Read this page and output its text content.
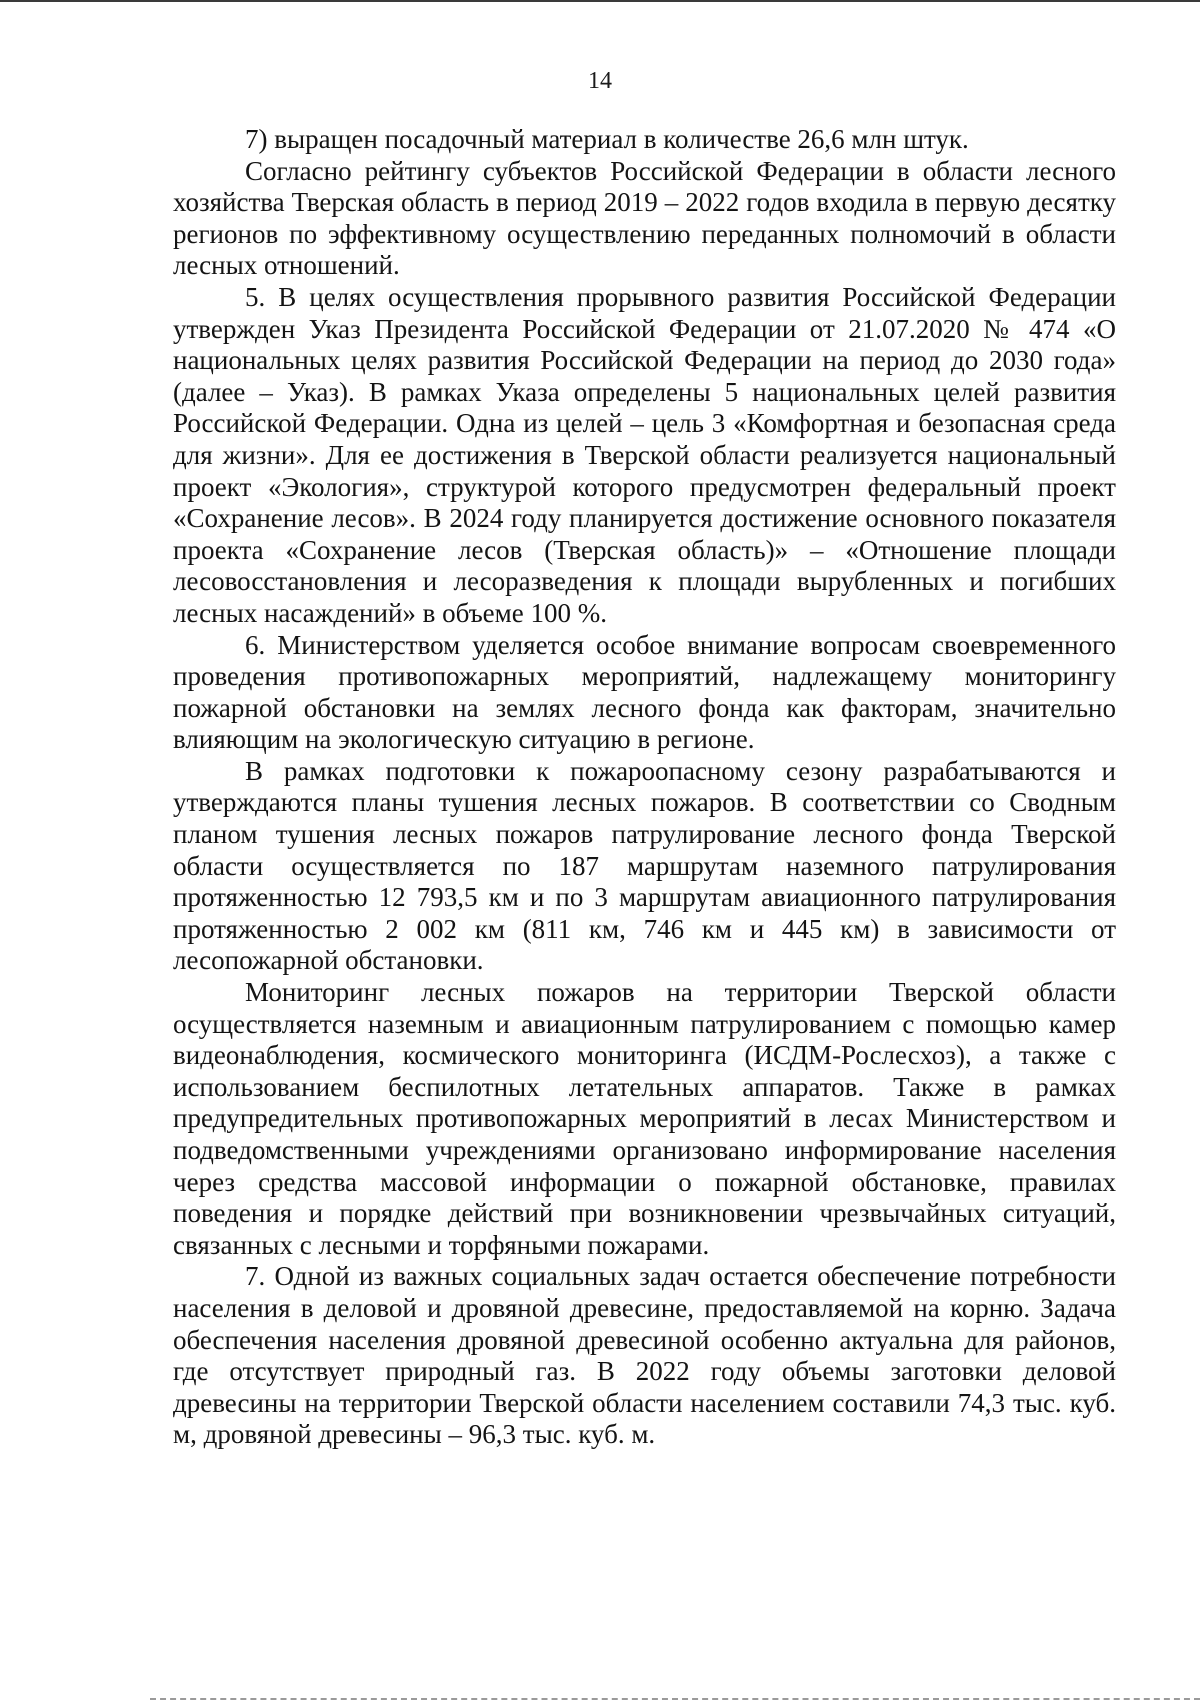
14

7) выращен посадочный материал в количестве 26,6 млн штук.

Согласно рейтингу субъектов Российской Федерации в области лесного хозяйства Тверская область в период 2019 – 2022 годов входила в первую десятку регионов по эффективному осуществлению переданных полномочий в области лесных отношений.

5. В целях осуществления прорывного развития Российской Федерации утвержден Указ Президента Российской Федерации от 21.07.2020 № 474 «О национальных целях развития Российской Федерации на период до 2030 года» (далее – Указ). В рамках Указа определены 5 национальных целей развития Российской Федерации. Одна из целей – цель 3 «Комфортная и безопасная среда для жизни». Для ее достижения в Тверской области реализуется национальный проект «Экология», структурой которого предусмотрен федеральный проект «Сохранение лесов». В 2024 году планируется достижение основного показателя проекта «Сохранение лесов (Тверская область)» – «Отношение площади лесовосстановления и лесоразведения к площади вырубленных и погибших лесных насаждений» в объеме 100 %.

6. Министерством уделяется особое внимание вопросам своевременного проведения противопожарных мероприятий, надлежащему мониторингу пожарной обстановки на землях лесного фонда как факторам, значительно влияющим на экологическую ситуацию в регионе.

В рамках подготовки к пожароопасному сезону разрабатываются и утверждаются планы тушения лесных пожаров. В соответствии со Сводным планом тушения лесных пожаров патрулирование лесного фонда Тверской области осуществляется по 187 маршрутам наземного патрулирования протяженностью 12 793,5 км и по 3 маршрутам авиационного патрулирования протяженностью 2 002 км (811 км, 746 км и 445 км) в зависимости от лесопожарной обстановки.

Мониторинг лесных пожаров на территории Тверской области осуществляется наземным и авиационным патрулированием с помощью камер видеонаблюдения, космического мониторинга (ИСДМ-Рослесхоз), а также с использованием беспилотных летательных аппаратов. Также в рамках предупредительных противопожарных мероприятий в лесах Министерством и подведомственными учреждениями организовано информирование населения через средства массовой информации о пожарной обстановке, правилах поведения и порядке действий при возникновении чрезвычайных ситуаций, связанных с лесными и торфяными пожарами.

7. Одной из важных социальных задач остается обеспечение потребности населения в деловой и дровяной древесине, предоставляемой на корню. Задача обеспечения населения дровяной древесиной особенно актуальна для районов, где отсутствует природный газ. В 2022 году объемы заготовки деловой древесины на территории Тверской области населением составили 74,3 тыс. куб. м, дровяной древесины – 96,3 тыс. куб. м.
